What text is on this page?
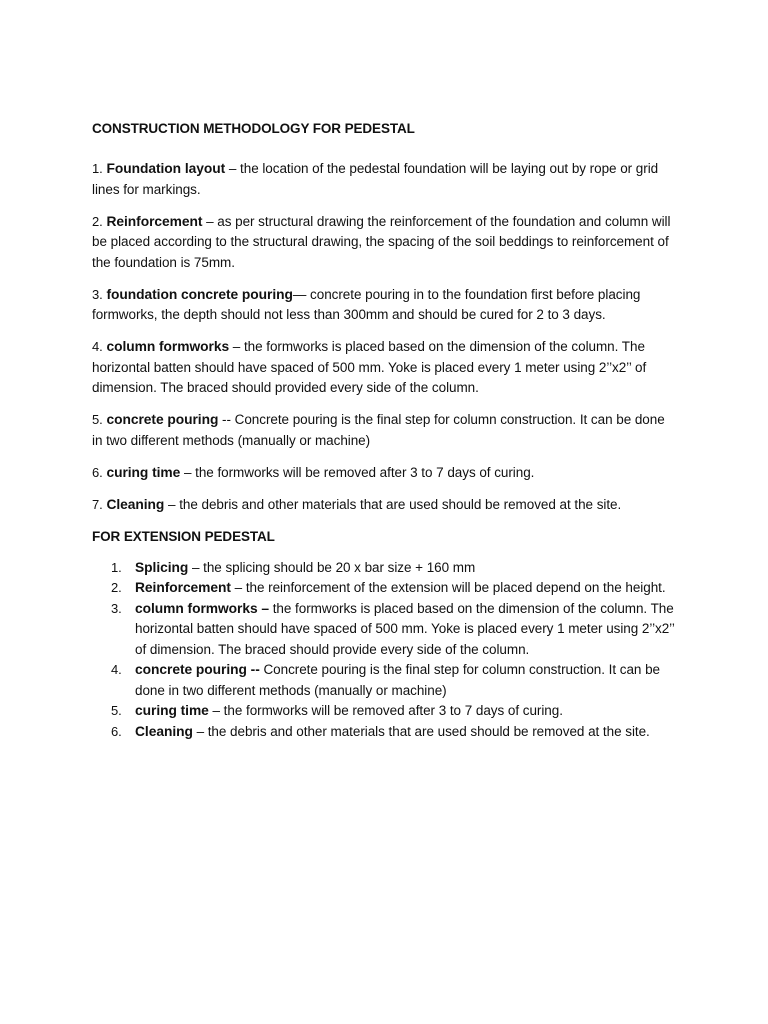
CONSTRUCTION METHODOLOGY FOR PEDESTAL

1. Foundation layout – the location of the pedestal foundation will be laying out by rope or grid lines for markings.

2. Reinforcement – as per structural drawing the reinforcement of the foundation and column will be placed according to the structural drawing, the spacing of the soil beddings to reinforcement of the foundation is 75mm.

3. foundation concrete pouring— concrete pouring in to the foundation first before placing formworks, the depth should not less than 300mm and should be cured for 2 to 3 days.

4. column formworks – the formworks is placed based on the dimension of the column. The horizontal batten should have spaced of 500 mm. Yoke is placed every 1 meter using 2’’x2’’ of dimension. The braced should provided every side of the column.

5. concrete pouring -- Concrete pouring is the final step for column construction. It can be done in two different methods (manually or machine)

6. curing time – the formworks will be removed after 3 to 7 days of curing.

7. Cleaning – the debris and other materials that are used should be removed at the site.

FOR EXTENSION PEDESTAL
1. Splicing – the splicing should be 20 x bar size + 160 mm
2. Reinforcement – the reinforcement of the extension will be placed depend on the height.
3. column formworks – the formworks is placed based on the dimension of the column. The horizontal batten should have spaced of 500 mm. Yoke is placed every 1 meter using 2’’x2’’ of dimension. The braced should provide every side of the column.
4. concrete pouring -- Concrete pouring is the final step for column construction. It can be done in two different methods (manually or machine)
5. curing time – the formworks will be removed after 3 to 7 days of curing.
6. Cleaning – the debris and other materials that are used should be removed at the site.
